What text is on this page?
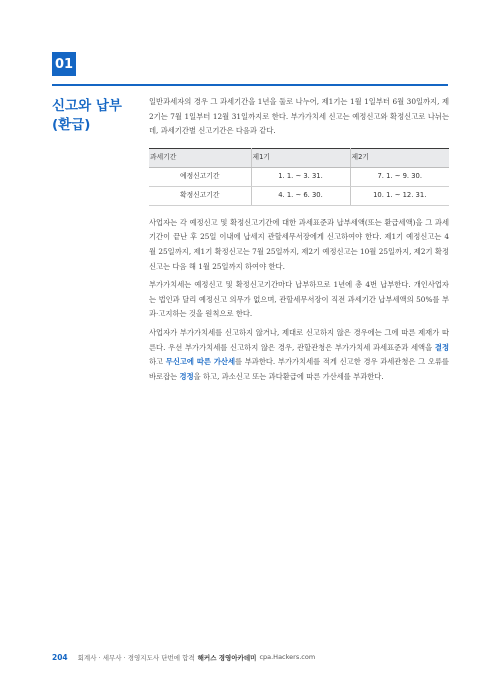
01
신고와 납부
(환급)

일반과세자의 경우 그 과세기간을 1년을 둘로 나누어, 제1기는 1월 1일부터 6월 30일까지, 제2기는 7월 1일부터 12월 31일까지로 한다. 부가가치세 신고는 예정신고와 확정신고로 나뉘는데, 과세기간별 신고기간은 다음과 같다.

과세기간	제1기	제2기
예정신고기간	1. 1. ~ 3. 31.	7. 1. ~ 9. 30.
확정신고기간	4. 1. ~ 6. 30.	10. 1. ~ 12. 31.

사업자는 각 예정신고 및 확정신고기간에 대한 과세표준과 납부세액(또는 환급세액)을 그 과세기간이 끝난 후 25일 이내에 납세지 관할세무서장에게 신고하여야 한다. 제1기 예정신고는 4월 25일까지, 제1기 확정신고는 7월 25일까지, 제2기 예정신고는 10월 25일까지, 제2기 확정신고는 다음 해 1월 25일까지 하여야 한다.

부가가치세는 예정신고 및 확정신고기간마다 납부하므로 1년에 총 4번 납부한다. 개인사업자는 법인과 달리 예정신고 의무가 없으며, 관할세무서장이 직전 과세기간 납부세액의 50%를 부과·고지하는 것을 원칙으로 한다.

사업자가 부가가치세를 신고하지 않거나, 제대로 신고하지 않은 경우에는 그에 따른 제재가 따른다. 우선 부가가치세를 신고하지 않은 경우, 관할관청은 부가가치세 과세표준과 세액을 결정하고 무신고에 따른 가산세를 부과한다. 부가가치세를 적게 신고한 경우 과세관청은 그 오류를 바로잡는 경정을 하고, 과소신고 또는 과다환급에 따른 가산세를 부과한다.

204 회계사 · 세무사 · 경영지도사 단번에 합격 해커스 경영아카데미 cpa.Hackers.com
